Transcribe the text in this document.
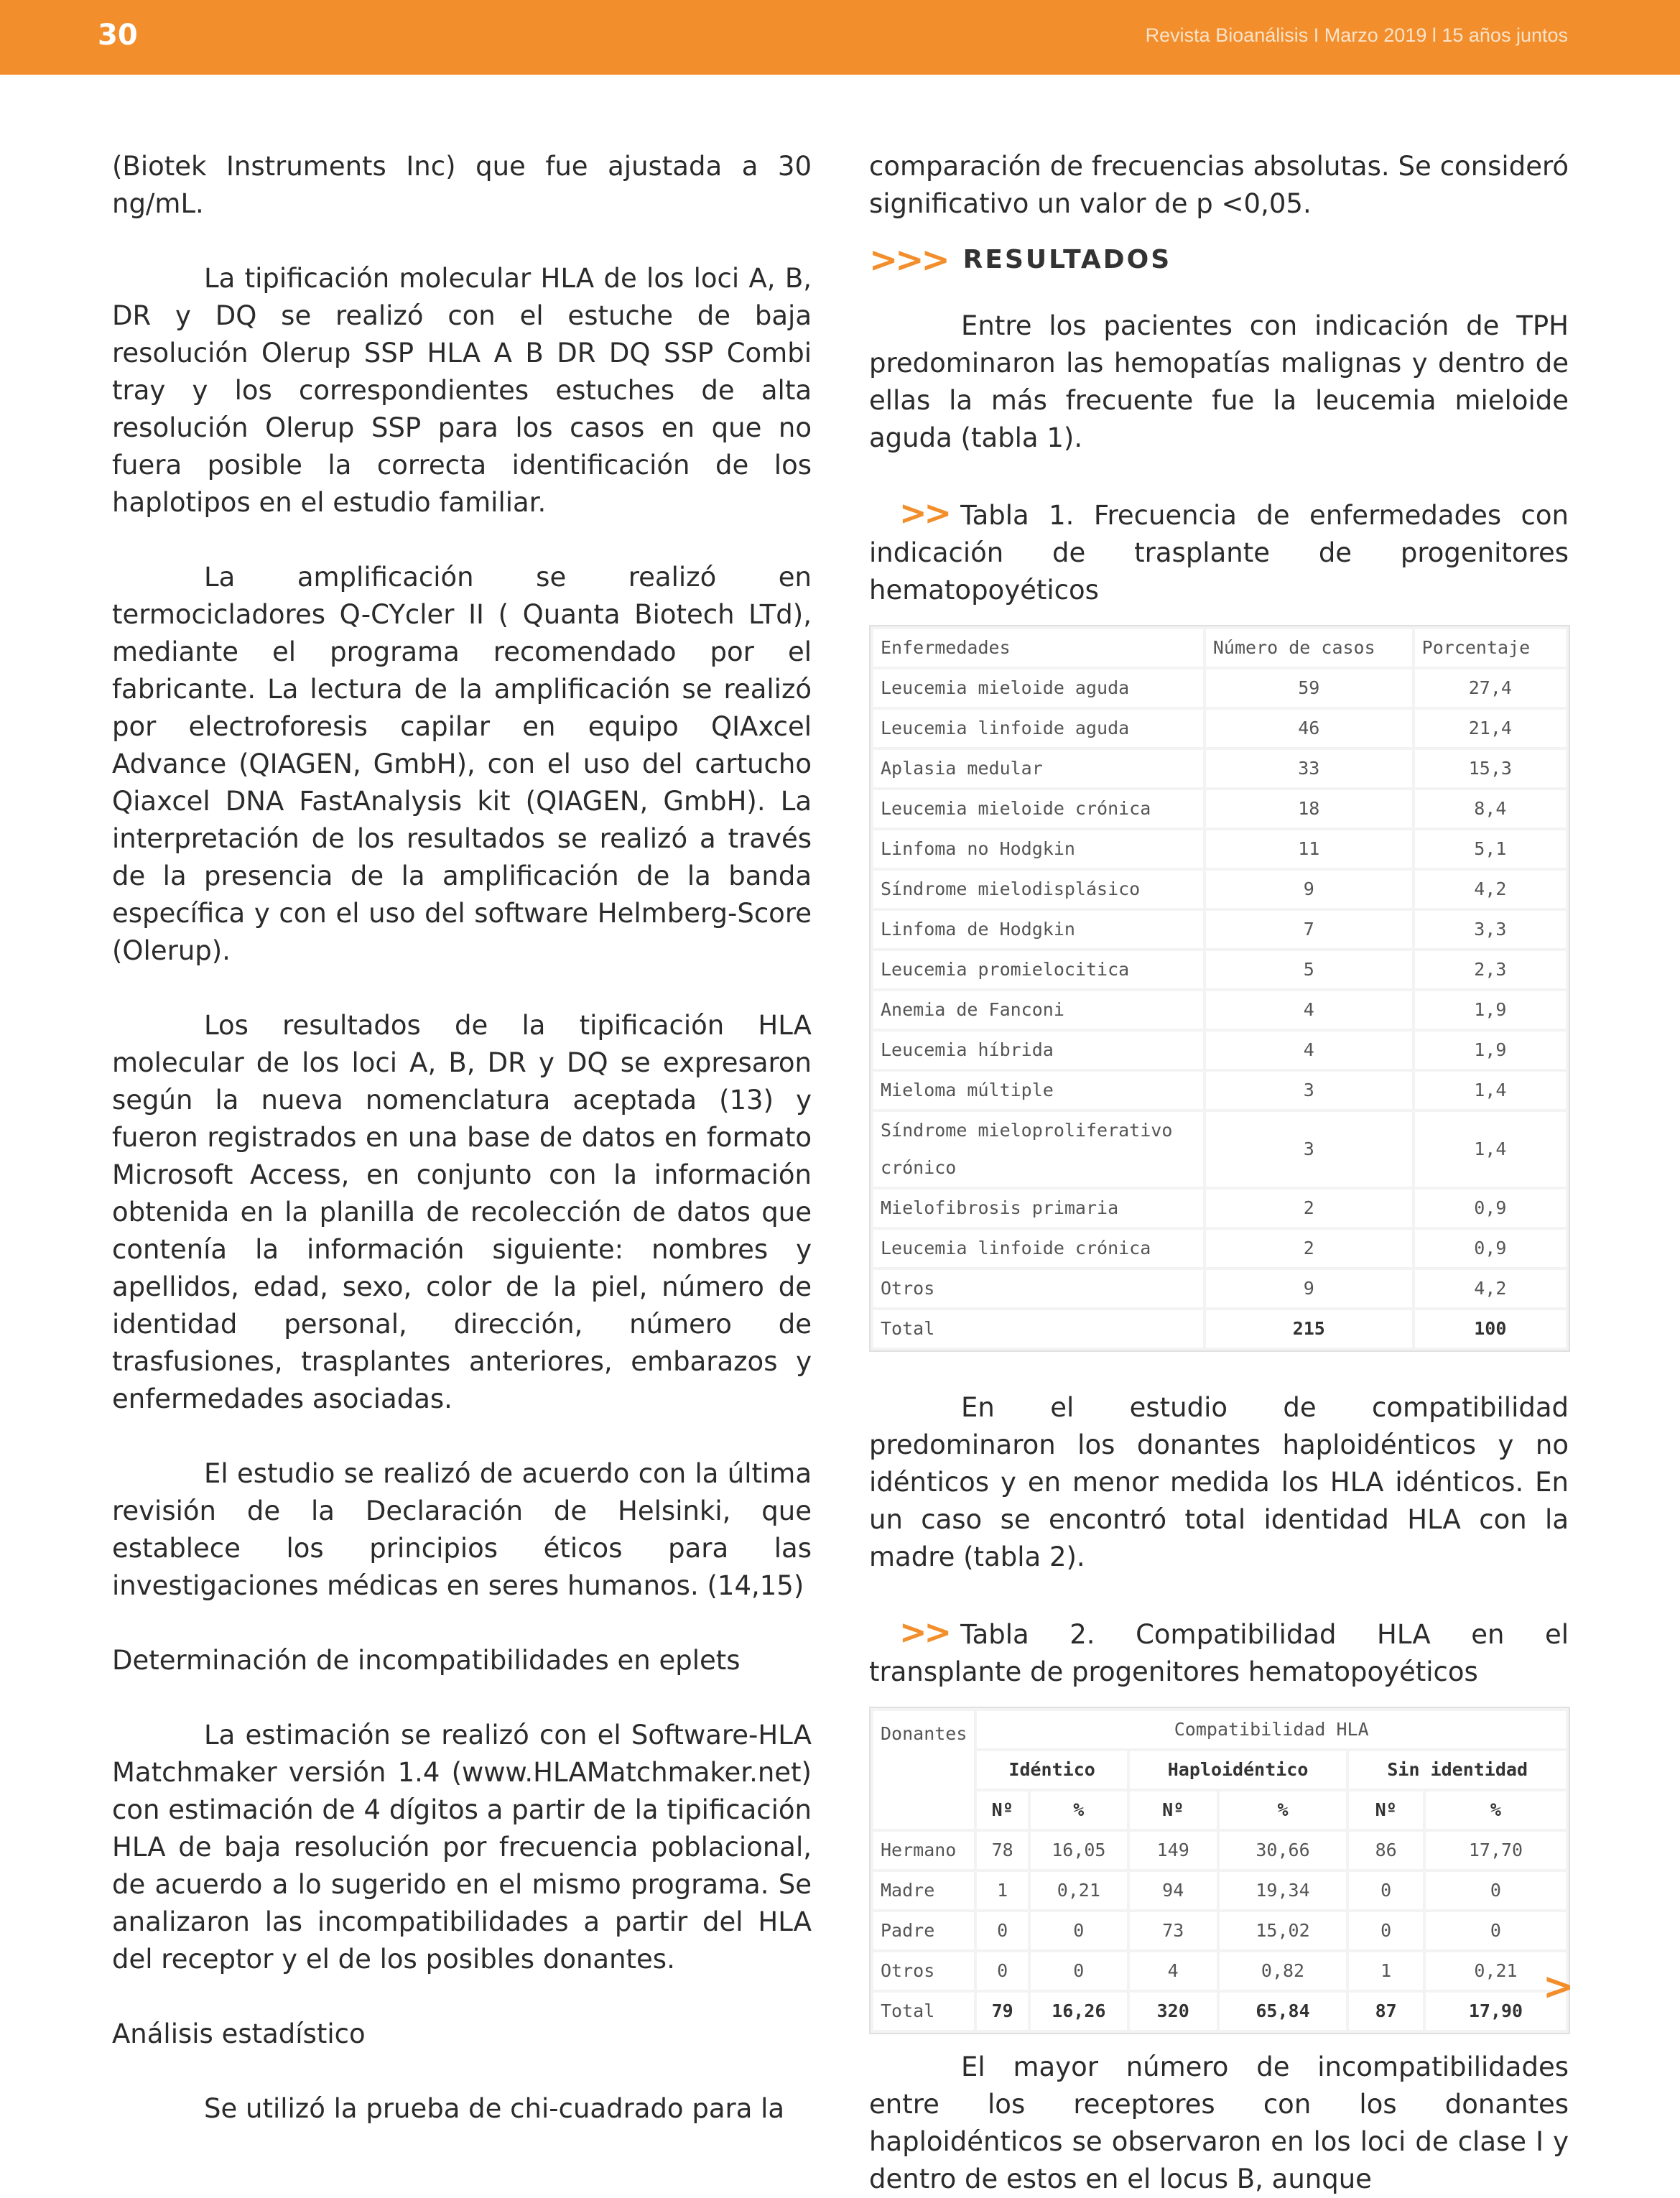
30	Revista Bioanálisis I Marzo 2019 l 15 años juntos

(Biotek Instruments Inc) que fue ajustada a 30 ng/mL.

La tipificación molecular HLA de los loci A, B, DR y DQ se realizó con el estuche de baja resolución Olerup SSP HLA A B DR DQ SSP Combi tray y los correspondientes estuches de alta resolución Olerup SSP para los casos en que no fuera posible la correcta identificación de los haplotipos en el estudio familiar.

La amplificación se realizó en termocicladores Q-CYcler II ( Quanta Biotech LTd), mediante el programa recomendado por el fabricante. La lectura de la amplificación se realizó por electroforesis capilar en equipo QIAxcel Advance (QIAGEN, GmbH), con el uso del cartucho Qiaxcel DNA FastAnalysis kit (QIAGEN, GmbH). La interpretación de los resultados se realizó a través de la presencia de la amplificación de la banda específica y con el uso del software Helmberg-Score (Olerup).

Los resultados de la tipificación HLA molecular de los loci A, B, DR y DQ se expresaron según la nueva nomenclatura aceptada (13) y fueron registrados en una base de datos en formato Microsoft Access, en conjunto con la información obtenida en la planilla de recolección de datos que contenía la información siguiente: nombres y apellidos, edad, sexo, color de la piel, número de identidad personal, dirección, número de trasfusiones, trasplantes anteriores, embarazos y enfermedades asociadas.

El estudio se realizó de acuerdo con la última revisión de la Declaración de Helsinki, que establece los principios éticos para las investigaciones médicas en seres humanos. (14,15)

Determinación de incompatibilidades en eplets

La estimación se realizó con el Software-HLA Matchmaker versión 1.4 (www.HLAMatchmaker.net) con estimación de 4 dígitos a partir de la tipificación HLA de baja resolución por frecuencia poblacional, de acuerdo a lo sugerido en el mismo programa. Se analizaron las incompatibilidades a partir del HLA del receptor y el de los posibles donantes.

Análisis estadístico

Se utilizó la prueba de chi-cuadrado para la

comparación de frecuencias absolutas. Se consideró significativo un valor de p <0,05.

>>> RESULTADOS

Entre los pacientes con indicación de TPH predominaron las hemopatías malignas y dentro de ellas la más frecuente fue la leucemia mieloide aguda (tabla 1).

>> Tabla 1. Frecuencia de enfermedades con indicación de trasplante de progenitores hematopoyéticos

Enfermedades	Número de casos	Porcentaje
Leucemia mieloide aguda	59	27,4
Leucemia linfoide aguda	46	21,4
Aplasia medular	33	15,3
Leucemia mieloide crónica	18	8,4
Linfoma no Hodgkin	11	5,1
Síndrome mielodisplásico	9	4,2
Linfoma de Hodgkin	7	3,3
Leucemia promielocitica	5	2,3
Anemia de Fanconi	4	1,9
Leucemia híbrida	4	1,9
Mieloma múltiple	3	1,4
Síndrome mieloproliferativo crónico	3	1,4
Mielofibrosis primaria	2	0,9
Leucemia linfoide crónica	2	0,9
Otros	9	4,2
Total	215	100

En el estudio de compatibilidad predominaron los donantes haploidénticos y no idénticos y en menor medida los HLA idénticos. En un caso se encontró total identidad HLA con la madre (tabla 2).

>> Tabla 2. Compatibilidad HLA en el transplante de progenitores hematopoyéticos

Donantes	Compatibilidad HLA					
	Idéntico		Haploidéntico		Sin identidad	
	Nº	%	Nº	%	Nº	%
Hermano	78	16,05	149	30,66	86	17,70
Madre	1	0,21	94	19,34	0	0
Padre	0	0	73	15,02	0	0
Otros	0	0	4	0,82	1	0,21
Total	79	16,26	320	65,84	87	17,90

El mayor número de incompatibilidades entre los receptores con los donantes haploidénticos se observaron en los loci de clase I y dentro de estos en el locus B, aunque

>
